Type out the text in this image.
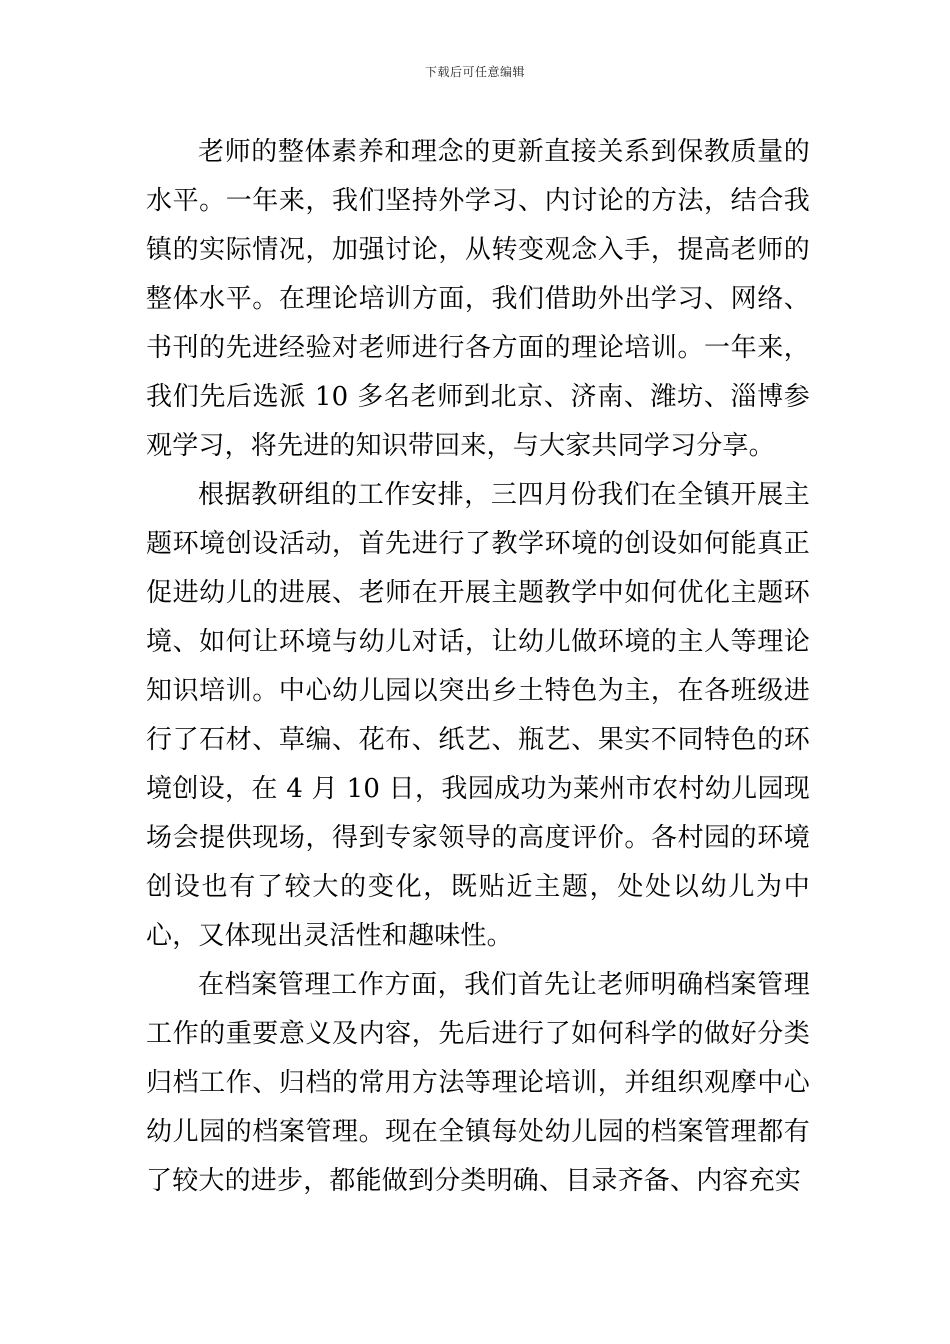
下载后可任意编辑

老师的整体素养和理念的更新直接关系到保教质量的水平。一年来，我们坚持外学习、内讨论的方法，结合我镇的实际情况，加强讨论，从转变观念入手，提高老师的整体水平。在理论培训方面，我们借助外出学习、网络、书刊的先进经验对老师进行各方面的理论培训。一年来，我们先后选派 10 多名老师到北京、济南、潍坊、淄博参观学习，将先进的知识带回来，与大家共同学习分享。

根据教研组的工作安排，三四月份我们在全镇开展主题环境创设活动，首先进行了教学环境的创设如何能真正促进幼儿的进展、老师在开展主题教学中如何优化主题环境、如何让环境与幼儿对话，让幼儿做环境的主人等理论知识培训。中心幼儿园以突出乡土特色为主，在各班级进行了石材、草编、花布、纸艺、瓶艺、果实不同特色的环境创设，在 4 月 10 日，我园成功为莱州市农村幼儿园现场会提供现场，得到专家领导的高度评价。各村园的环境创设也有了较大的变化，既贴近主题，处处以幼儿为中心，又体现出灵活性和趣味性。

在档案管理工作方面，我们首先让老师明确档案管理工作的重要意义及内容，先后进行了如何科学的做好分类归档工作、归档的常用方法等理论培训，并组织观摩中心幼儿园的档案管理。现在全镇每处幼儿园的档案管理都有了较大的进步，都能做到分类明确、目录齐备、内容充实
